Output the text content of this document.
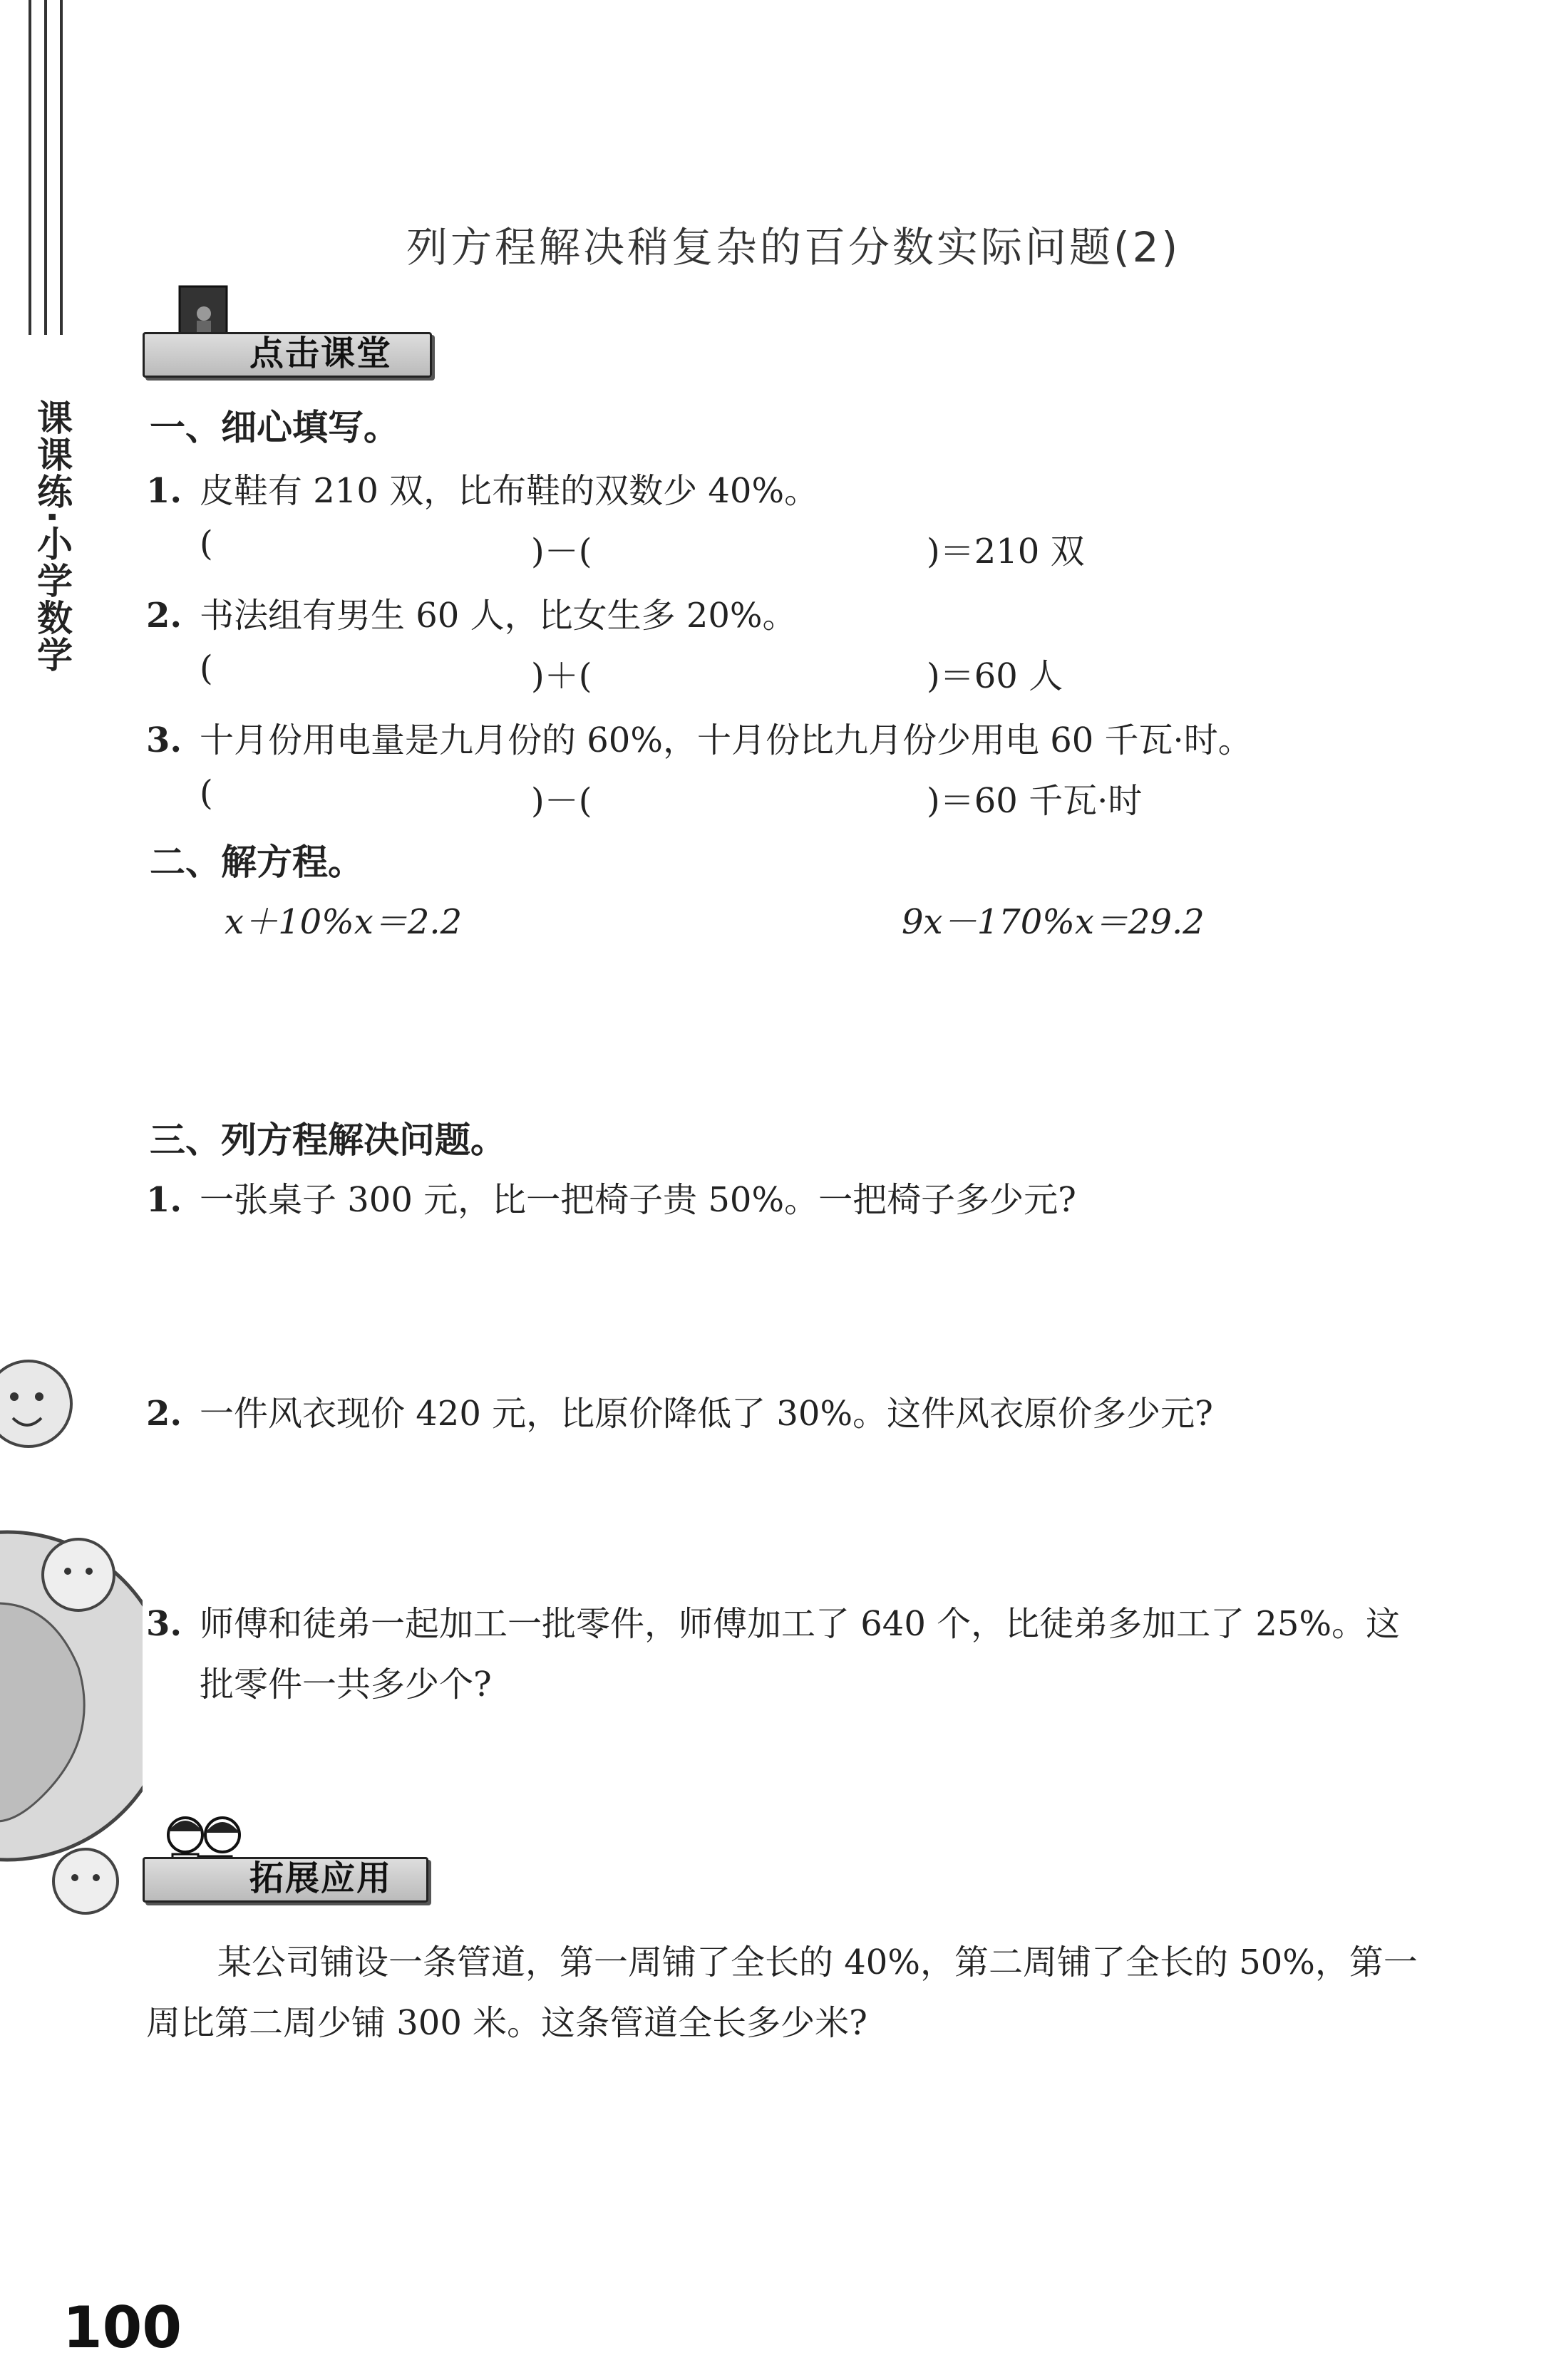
课课练·小学数学
列方程解决稍复杂的百分数实际问题(2)
点击课堂
一、细心填写。
1. 皮鞋有 210 双，比布鞋的双数少 40%。
(	)－(	)＝210 双
2. 书法组有男生 60 人，比女生多 20%。
(	)＋(	)＝60 人
3. 十月份用电量是九月份的 60%，十月份比九月份少用电 60 千瓦·时。
(	)－(	)＝60 千瓦·时
二、解方程。
x＋10%x＝2.2	9x－170%x＝29.2
三、列方程解决问题。
1. 一张桌子 300 元，比一把椅子贵 50%。一把椅子多少元?
2. 一件风衣现价 420 元，比原价降低了 30%。这件风衣原价多少元?
3. 师傅和徒弟一起加工一批零件，师傅加工了 640 个，比徒弟多加工了 25%。这
批零件一共多少个?
拓展应用
某公司铺设一条管道，第一周铺了全长的 40%，第二周铺了全长的 50%，第一
周比第二周少铺 300 米。这条管道全长多少米?
100
